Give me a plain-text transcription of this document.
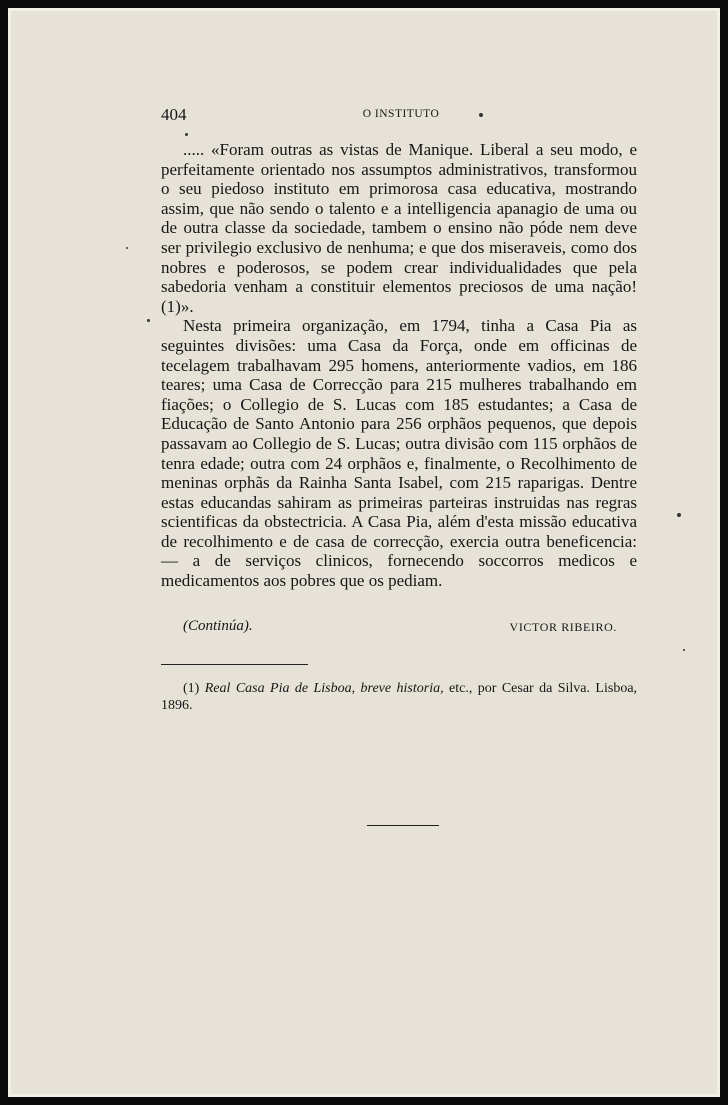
404	O INSTITUTO

..... «Foram outras as vistas de Manique. Liberal a seu modo, e perfeitamente orientado nos assumptos administrativos, transformou o seu piedoso instituto em primorosa casa educativa, mostrando assim, que não sendo o talento e a intelligencia apanagio de uma ou de outra classe da sociedade, tambem o ensino não póde nem deve ser privilegio exclusivo de nenhuma; e que dos miseraveis, como dos nobres e poderosos, se podem crear individualidades que pela sabedoria venham a constituir elementos preciosos de uma nação! (1)».

Nesta primeira organização, em 1794, tinha a Casa Pia as seguintes divisões: uma Casa da Força, onde em officinas de tecelagem trabalhavam 295 homens, anteriormente vadios, em 186 teares; uma Casa de Correcção para 215 mulheres trabalhando em fiações; o Collegio de S. Lucas com 185 estudantes; a Casa de Educação de Santo Antonio para 256 orphãos pequenos, que depois passavam ao Collegio de S. Lucas; outra divisão com 115 orphãos de tenra edade; outra com 24 orphãos e, finalmente, o Recolhimento de meninas orphãs da Rainha Santa Isabel, com 215 raparigas. Dentre estas educandas sahiram as primeiras parteiras instruidas nas regras scientificas da obstectricia. A Casa Pia, além d'esta missão educativa de recolhimento e de casa de correcção, exercia outra beneficencia: — a de serviços clinicos, fornecendo soccorros medicos e medicamentos aos pobres que os pediam.

(Continúa).	VICTOR RIBEIRO.
(1) Real Casa Pia de Lisboa, breve historia, etc., por Cesar da Silva. Lisboa, 1896.
